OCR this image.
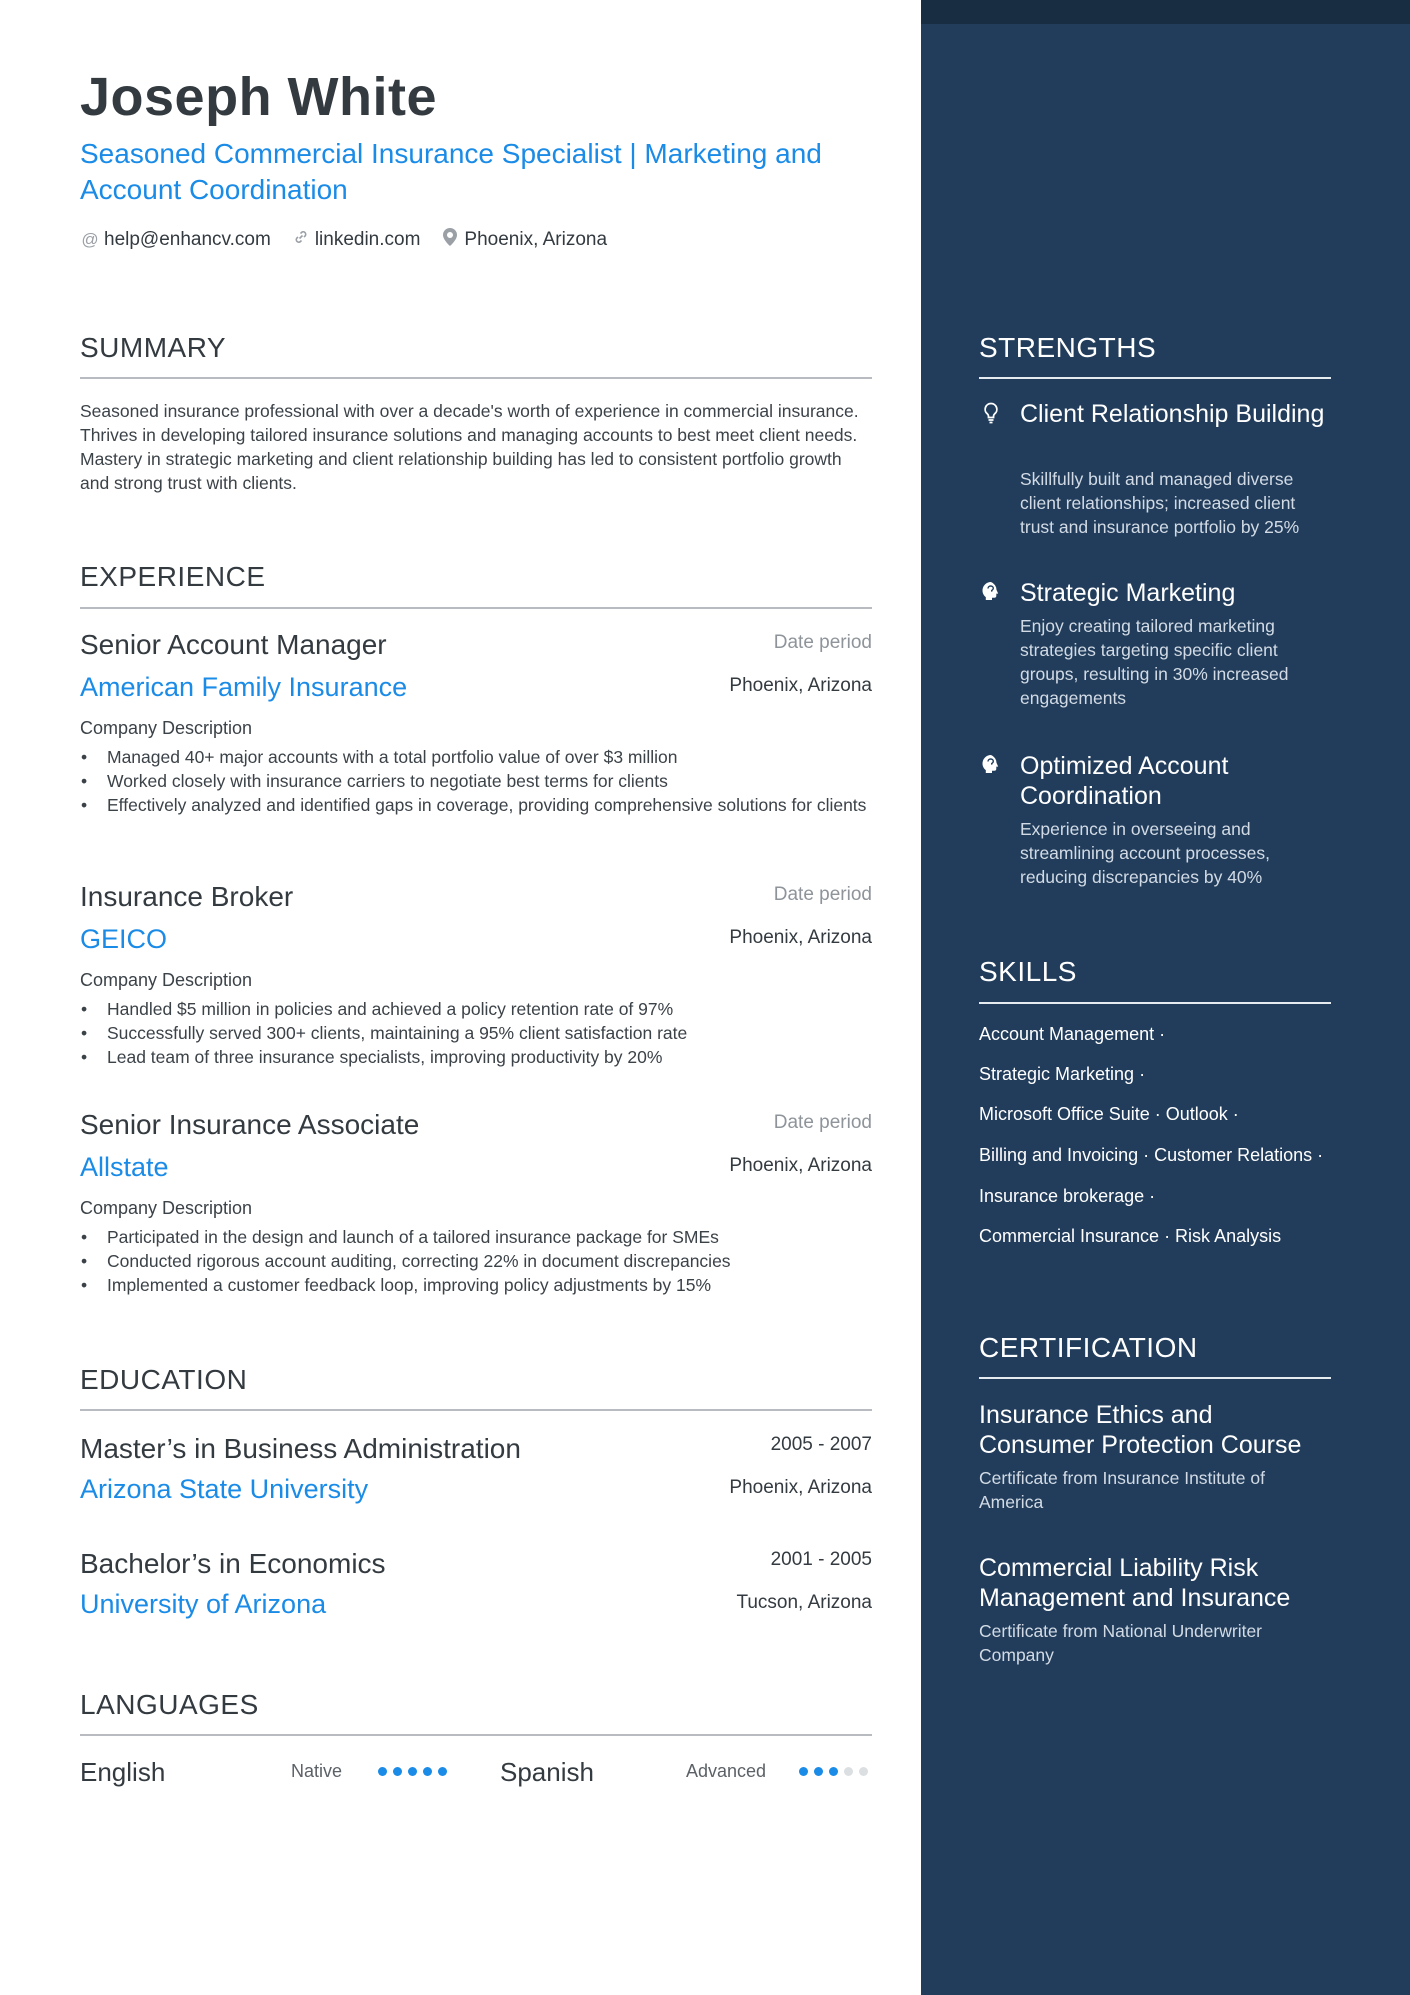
Joseph White
Seasoned Commercial Insurance Specialist | Marketing and Account Coordination
@ help@enhancv.com linkedin.com Phoenix, Arizona
SUMMARY
Seasoned insurance professional with over a decade's worth of experience in commercial insurance. Thrives in developing tailored insurance solutions and managing accounts to best meet client needs. Mastery in strategic marketing and client relationship building has led to consistent portfolio growth and strong trust with clients.
EXPERIENCE
Senior Account Manager	Date period
American Family Insurance	Phoenix, Arizona
Company Description
• Managed 40+ major accounts with a total portfolio value of over $3 million
• Worked closely with insurance carriers to negotiate best terms for clients
• Effectively analyzed and identified gaps in coverage, providing comprehensive solutions for clients
Insurance Broker	Date period
GEICO	Phoenix, Arizona
Company Description
• Handled $5 million in policies and achieved a policy retention rate of 97%
• Successfully served 300+ clients, maintaining a 95% client satisfaction rate
• Lead team of three insurance specialists, improving productivity by 20%
Senior Insurance Associate	Date period
Allstate	Phoenix, Arizona
Company Description
• Participated in the design and launch of a tailored insurance package for SMEs
• Conducted rigorous account auditing, correcting 22% in document discrepancies
• Implemented a customer feedback loop, improving policy adjustments by 15%
EDUCATION
Master’s in Business Administration	2005 - 2007
Arizona State University	Phoenix, Arizona
Bachelor’s in Economics	2001 - 2005
University of Arizona	Tucson, Arizona
LANGUAGES
English	Native	Spanish	Advanced
STRENGTHS
Client Relationship Building
Skillfully built and managed diverse client relationships; increased client trust and insurance portfolio by 25%
Strategic Marketing
Enjoy creating tailored marketing strategies targeting specific client groups, resulting in 30% increased engagements
Optimized Account Coordination
Experience in overseeing and streamlining account processes, reducing discrepancies by 40%
SKILLS
Account Management ·
Strategic Marketing ·
Microsoft Office Suite · Outlook ·
Billing and Invoicing · Customer Relations ·
Insurance brokerage ·
Commercial Insurance · Risk Analysis
CERTIFICATION
Insurance Ethics and Consumer Protection Course
Certificate from Insurance Institute of America
Commercial Liability Risk Management and Insurance
Certificate from National Underwriter Company
